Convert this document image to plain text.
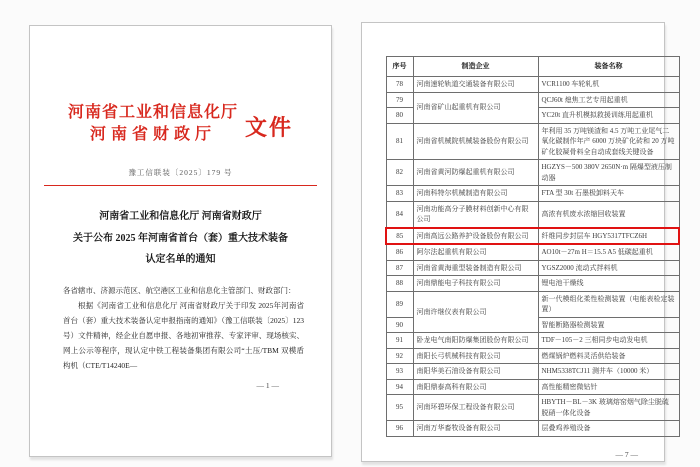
河南省工业和信息化厅
河南省财政厅	文件
豫工信联装〔2025〕179 号
河南省工业和信息化厅 河南省财政厅
关于公布 2025 年河南省首台（套）重大技术装备
认定名单的通知

各省辖市、济源示范区、航空港区工业和信息化主管部门、财政部门：

根据《河南省工业和信息化厅 河南省财政厅关于印发 2025年河南省首台（套）重大技术装备认定申报指南的通知》（豫工信联装〔2025〕123 号）文件精神，经企业自愿申报、各地初审推荐、专家评审、现场核实、网上公示等程序，现认定中铁工程装备集团有限公司“土压/TBM 双模盾构机（CTE/T14240E—

— 1 —
序号	制造企业	装备名称
78	河南速轮轨道交通装备有限公司	VCR1100 车轮轧机
79	河南省矿山起重机有限公司	QCJ60t 熄焦工艺专用起重机
80		YC20t 直升机模拟救援训练用起重机
81	河南省机械院机械装备股份有限公司	年利用 35 万吨镁渣和 4.5 万吨工业尾气二氧化碳制作年产 6000 万块矿化砖和 20 万吨矿化胶凝骨料全自动成套线关键设备
82	河南省黄河防爆起重机有限公司	HGZYS－500 380V 2650N·m 隔爆型液压制动器
83	河南科特尔机械制造有限公司	FTA 型 30t 石墨极卸料天车
84	河南功能高分子膜材料创新中心有限公司	高浓有机废水浓缩回收装置
85	河南高远公路养护设备股份有限公司	纤维同步封层车 HGY5317TFCZ6H
86	阿尔法起重机有限公司	AO10t－27m H＝15.5 A5 低碳起重机
87	河南省黄海重型装备制造有限公司	YGSZ2000 流动式拌料机
88	河南鼎能电子科技有限公司	锂电池干燥线
89	河南许继仪表有限公司	新一代模组化柔性检测装置（电能表检定装置）
90		智能断路器检测装置
91	卧龙电气南阳防爆集团股份有限公司	TDF－105－2 三相同步电动发电机
92	南阳长弓机械科技有限公司	燃煤锅炉燃料灵活供给装备
93	南阳华美石油设备有限公司	NHM5338TCJ11 测井车（10000 米）
94	南阳鼎泰高科有限公司	高性能精密微钻针
95	河南环碧环保工程设备有限公司	HBYTH－BL－3K 玻璃熔窑烟气除尘脱硫脱硝一体化设备
96	河南万华畜牧设备有限公司	层叠鸡养殖设备
— 7 —
